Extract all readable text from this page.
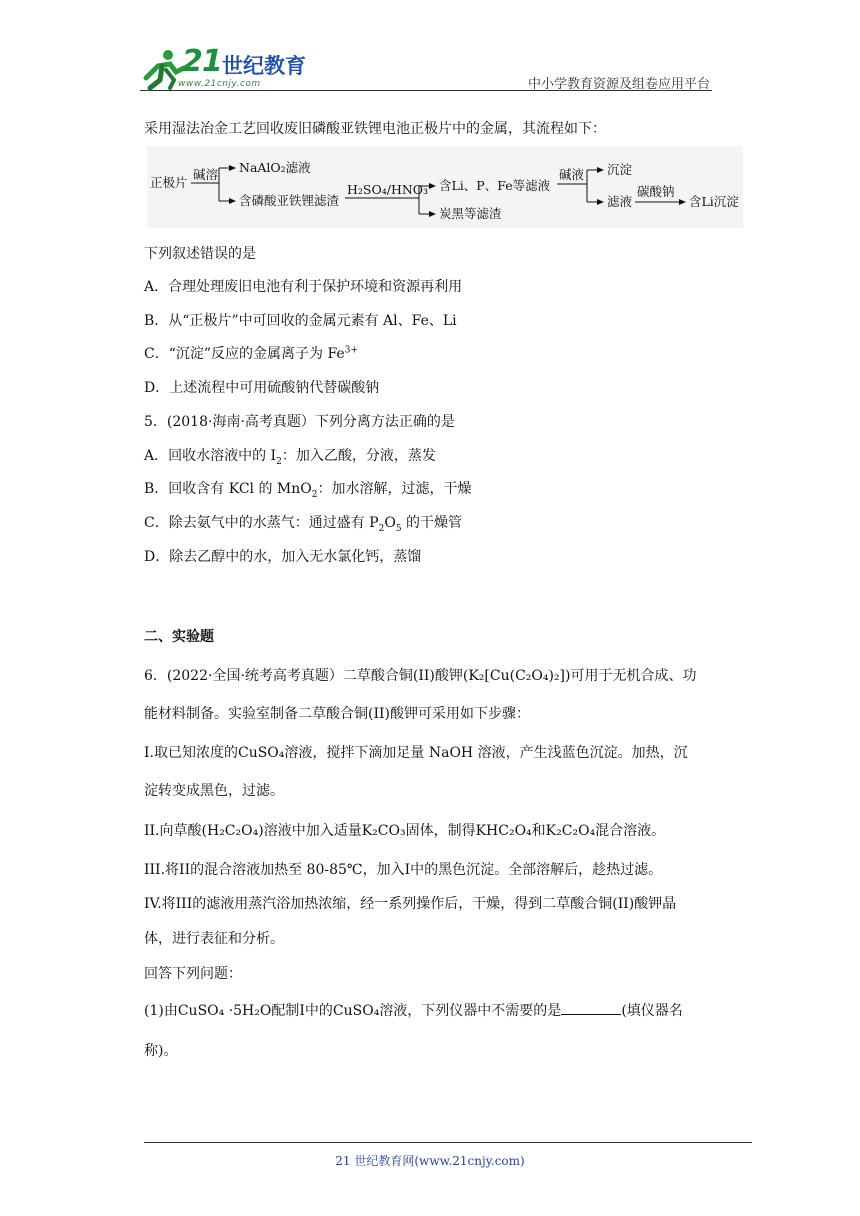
21 世纪教育
www.21cnjy.com	中小学教育资源及组卷应用平台
采用湿法冶金工艺回收废旧磷酸亚铁锂电池正极片中的金属，其流程如下：
正极片
碱溶 NaAlO₂滤液
含磷酸亚铁锂滤渣
H₂SO₄/HNO₃ 含Li、P、Fe等滤液
炭黑等滤渣
碱液 沉淀
滤液
碳酸钠
含Li沉淀
下列叙述错误的是
A．合理处理废旧电池有利于保护环境和资源再利用
B．从“正极片”中可回收的金属元素有 Al、Fe、Li
C．“沉淀”反应的金属离子为 $Fe^{3+}$
D．上述流程中可用硫酸钠代替碳酸钠
5．(2018·海南·高考真题）下列分离方法正确的是
A．回收水溶液中的 $I_2$：加入乙酸，分液，蒸发
B．回收含有 KCl 的 MnO$_2$：加水溶解，过滤，干燥
C．除去氨气中的水蒸气：通过盛有 $P_2O_5$ 的干燥管
D．除去乙醇中的水，加入无水氯化钙，蒸馏
二、实验题
6．(2022·全国·统考高考真题）二草酸合铜(II)酸钾(K₂[Cu(C₂O₄)₂])可用于无机合成、功
能材料制备。实验室制备二草酸合铜(II)酸钾可采用如下步骤：
I.取已知浓度的CuSO₄溶液，搅拌下滴加足量 NaOH 溶液，产生浅蓝色沉淀。加热，沉
淀转变成黑色，过滤。
II.向草酸(H₂C₂O₄)溶液中加入适量K₂CO₃固体，制得KHC₂O₄和K₂C₂O₄混合溶液。
III.将II的混合溶液加热至 80-85℃，加入I中的黑色沉淀。全部溶解后，趁热过滤。
IV.将III的滤液用蒸汽浴加热浓缩，经一系列操作后，干燥，得到二草酸合铜(II)酸钾晶
体，进行表征和分析。
回答下列问题：
(1)由CuSO₄ ·5H₂O配制I中的CuSO₄溶液，下列仪器中不需要的是	(填仪器名
称)。
21 世纪教育网(www.21cnjy.com)
